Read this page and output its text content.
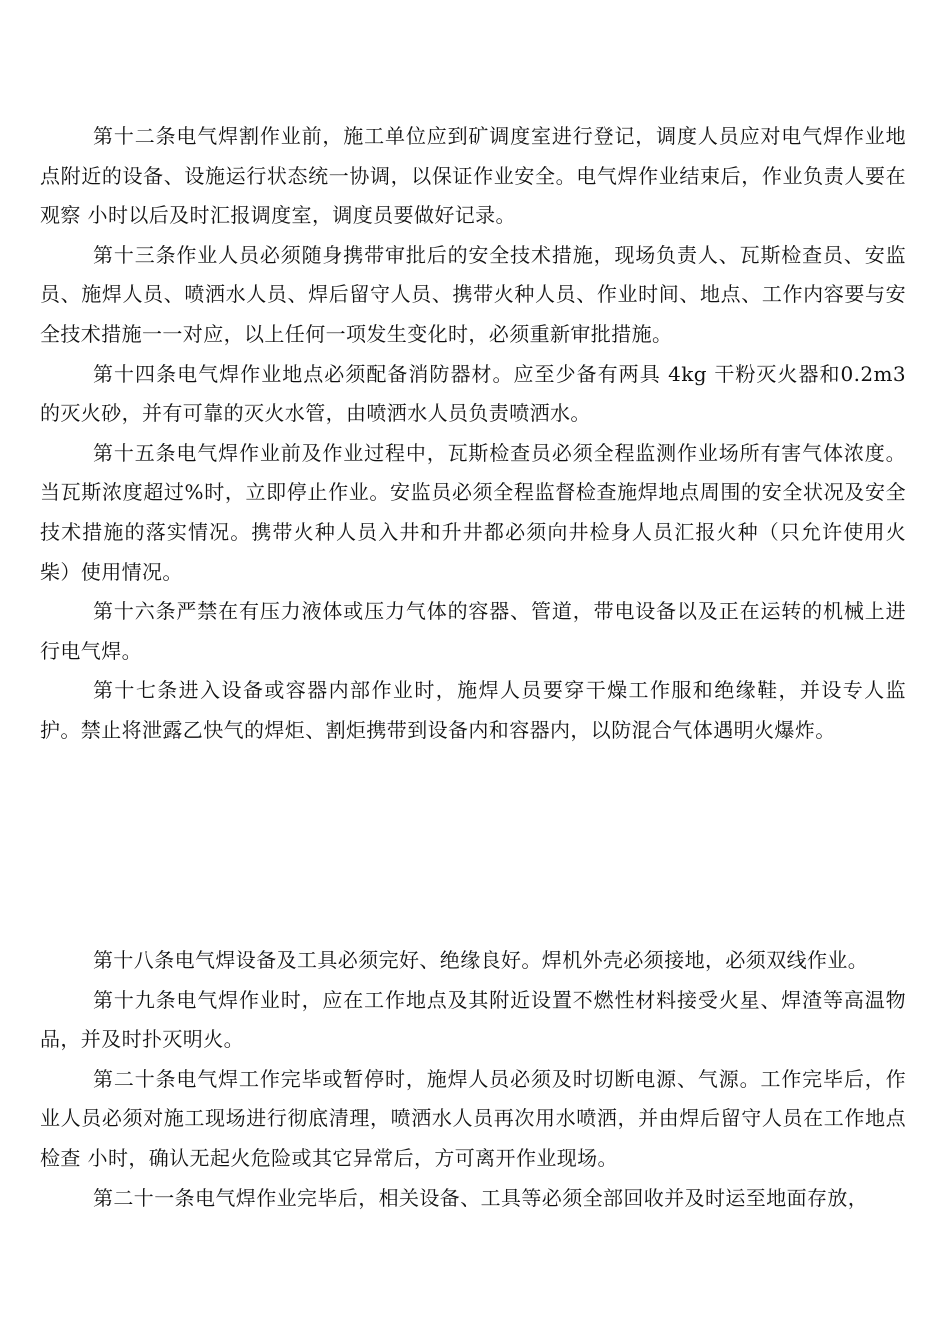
第十二条电气焊割作业前，施工单位应到矿调度室进行登记，调度人员应对电气焊作业地点附近的设备、设施运行状态统一协调，以保证作业安全。电气焊作业结束后，作业负责人要在观察 小时以后及时汇报调度室，调度员要做好记录。

第十三条作业人员必须随身携带审批后的安全技术措施，现场负责人、瓦斯检查员、安监员、施焊人员、喷洒水人员、焊后留守人员、携带火种人员、作业时间、地点、工作内容要与安全技术措施一一对应，以上任何一项发生变化时，必须重新审批措施。

第十四条电气焊作业地点必须配备消防器材。应至少备有两具 4kg 干粉灭火器和0.2m3 的灭火砂，并有可靠的灭火水管，由喷洒水人员负责喷洒水。

第十五条电气焊作业前及作业过程中，瓦斯检查员必须全程监测作业场所有害气体浓度。当瓦斯浓度超过%时，立即停止作业。安监员必须全程监督检查施焊地点周围的安全状况及安全技术措施的落实情况。携带火种人员入井和升井都必须向井检身人员汇报火种（只允许使用火柴）使用情况。

第十六条严禁在有压力液体或压力气体的容器、管道，带电设备以及正在运转的机械上进行电气焊。

第十七条进入设备或容器内部作业时，施焊人员要穿干燥工作服和绝缘鞋，并设专人监护。禁止将泄露乙快气的焊炬、割炬携带到设备内和容器内，以防混合气体遇明火爆炸。

第十八条电气焊设备及工具必须完好、绝缘良好。焊机外壳必须接地，必须双线作业。

第十九条电气焊作业时，应在工作地点及其附近设置不燃性材料接受火星、焊渣等高温物品，并及时扑灭明火。

第二十条电气焊工作完毕或暂停时，施焊人员必须及时切断电源、气源。工作完毕后，作业人员必须对施工现场进行彻底清理，喷洒水人员再次用水喷洒，并由焊后留守人员在工作地点检查 小时，确认无起火危险或其它异常后，方可离开作业现场。

第二十一条电气焊作业完毕后，相关设备、工具等必须全部回收并及时运至地面存放，
